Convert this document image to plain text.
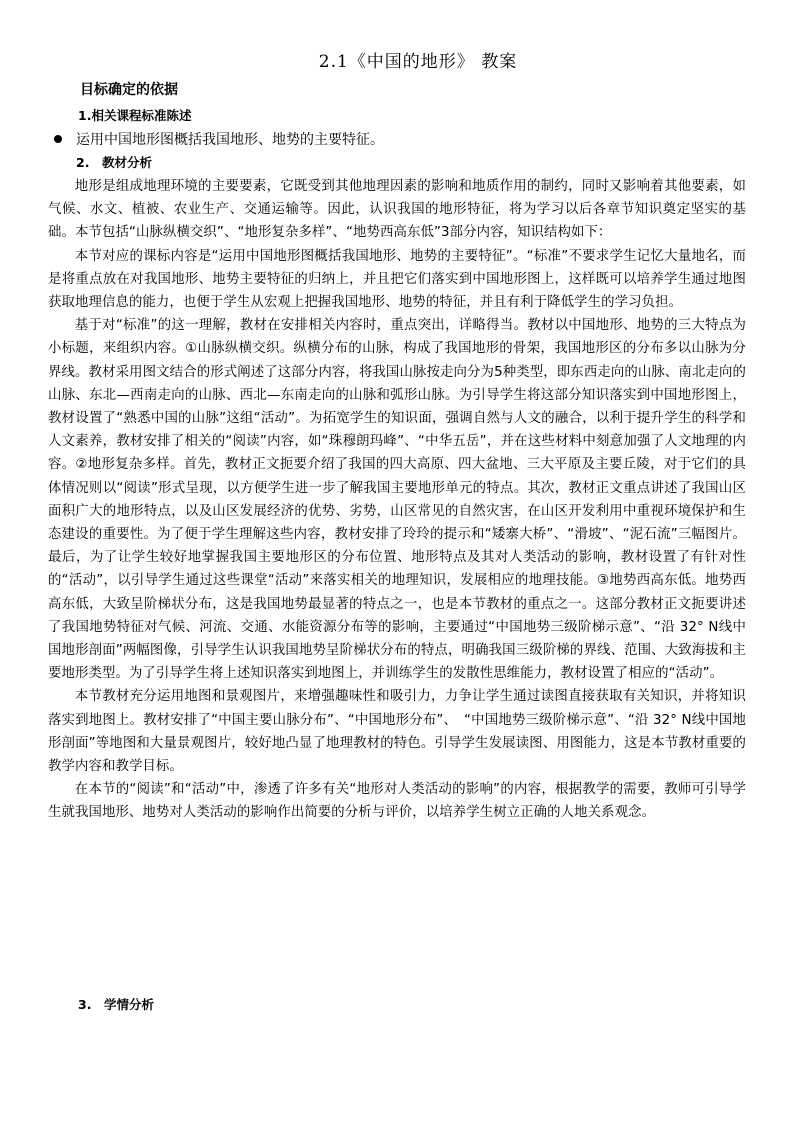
2.1《中国的地形》 教案
目标确定的依据
1.相关课程标准陈述
运用中国地形图概括我国地形、地势的主要特征。
2.　教材分析

地形是组成地理环境的主要要素，它既受到其他地理因素的影响和地质作用的制约，同时又影响着其他要素，如气候、水文、植被、农业生产、交通运输等。因此，认识我国的地形特征，将为学习以后各章节知识奠定坚实的基础。本节包括“山脉纵横交织”、“地形复杂多样”、“地势西高东低”3部分内容，知识结构如下：

本节对应的课标内容是“运用中国地形图概括我国地形、地势的主要特征”。“标准”不要求学生记忆大量地名，而是将重点放在对我国地形、地势主要特征的归纳上，并且把它们落实到中国地形图上，这样既可以培养学生通过地图获取地理信息的能力，也便于学生从宏观上把握我国地形、地势的特征，并且有利于降低学生的学习负担。

基于对“标准”的这一理解，教材在安排相关内容时，重点突出，详略得当。教材以中国地形、地势的三大特点为小标题，来组织内容。①山脉纵横交织。纵横分布的山脉，构成了我国地形的骨架，我国地形区的分布多以山脉为分界线。教材采用图文结合的形式阐述了这部分内容，将我国山脉按走向分为5种类型，即东西走向的山脉、南北走向的山脉、东北—西南走向的山脉、西北—东南走向的山脉和弧形山脉。为引导学生将这部分知识落实到中国地形图上，教材设置了“熟悉中国的山脉”这组“活动”。为拓宽学生的知识面，强调自然与人文的融合，以利于提升学生的科学和人文素养，教材安排了相关的“阅读”内容，如“珠穆朗玛峰”、“中华五岳”，并在这些材料中刻意加强了人文地理的内容。②地形复杂多样。首先，教材正文扼要介绍了我国的四大高原、四大盆地、三大平原及主要丘陵，对于它们的具体情况则以“阅读”形式呈现，以方便学生进一步了解我国主要地形单元的特点。其次，教材正文重点讲述了我国山区面积广大的地形特点，以及山区发展经济的优势、劣势，山区常见的自然灾害，在山区开发利用中重视环境保护和生态建设的重要性。为了便于学生理解这些内容，教材安排了玲玲的提示和“矮寨大桥”、“滑坡”、“泥石流”三幅图片。最后，为了让学生较好地掌握我国主要地形区的分布位置、地形特点及其对人类活动的影响，教材设置了有针对性的“活动”，以引导学生通过这些课堂“活动”来落实相关的地理知识，发展相应的地理技能。③地势西高东低。地势西高东低，大致呈阶梯状分布，这是我国地势最显著的特点之一，也是本节教材的重点之一。这部分教材正文扼要讲述了我国地势特征对气候、河流、交通、水能资源分布等的影响，主要通过“中国地势三级阶梯示意”、“沿 32° N线中国地形剖面”两幅图像，引导学生认识我国地势呈阶梯状分布的特点，明确我国三级阶梯的界线、范围、大致海拔和主要地形类型。为了引导学生将上述知识落实到地图上，并训练学生的发散性思维能力，教材设置了相应的“活动”。

本节教材充分运用地图和景观图片，来增强趣味性和吸引力，力争让学生通过读图直接获取有关知识，并将知识落实到地图上。教材安排了“中国主要山脉分布”、“中国地形分布”、　“中国地势三级阶梯示意”、“沿 32° N线中国地形剖面”等地图和大量景观图片，较好地凸显了地理教材的特色。引导学生发展读图、用图能力，这是本节教材重要的教学内容和教学目标。

在本节的“阅读”和“活动”中，渗透了许多有关“地形对人类活动的影响”的内容，根据教学的需要，教师可引导学生就我国地形、地势对人类活动的影响作出简要的分析与评价，以培养学生树立正确的人地关系观念。

3.　学情分析
